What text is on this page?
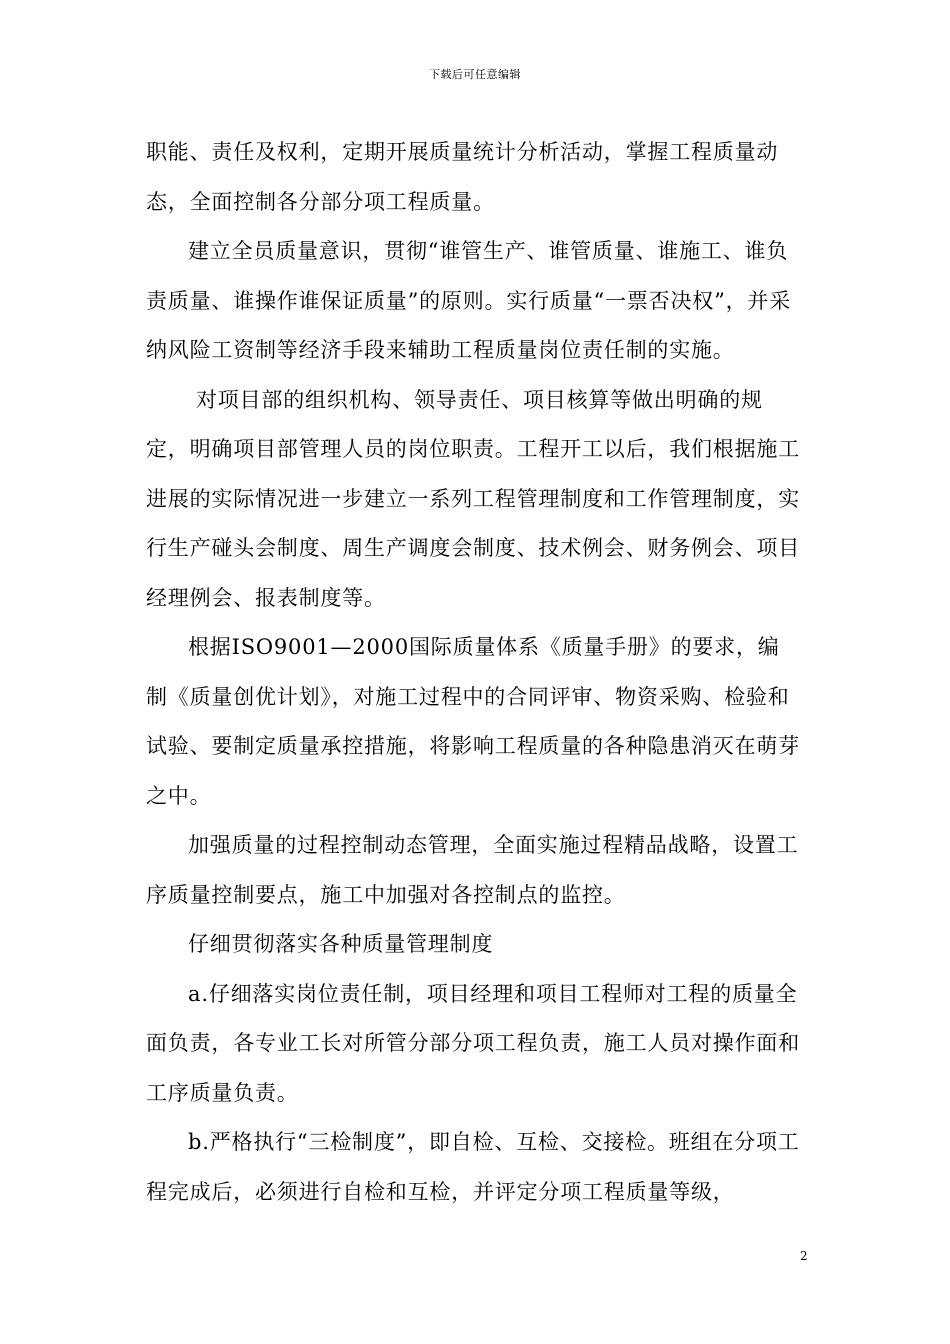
下载后可任意编辑

职能、责任及权利，定期开展质量统计分析活动，掌握工程质量动态，全面控制各分部分项工程质量。

建立全员质量意识，贯彻“谁管生产、谁管质量、谁施工、谁负责质量、谁操作谁保证质量”的原则。实行质量“一票否决权”，并采纳风险工资制等经济手段来辅助工程质量岗位责任制的实施。

对项目部的组织机构、领导责任、项目核算等做出明确的规定，明确项目部管理人员的岗位职责。工程开工以后，我们根据施工进展的实际情况进一步建立一系列工程管理制度和工作管理制度，实行生产碰头会制度、周生产调度会制度、技术例会、财务例会、项目经理例会、报表制度等。

根据ISO9001—2000国际质量体系《质量手册》的要求，编制《质量创优计划》，对施工过程中的合同评审、物资采购、检验和试验、要制定质量承控措施，将影响工程质量的各种隐患消灭在萌芽之中。

加强质量的过程控制动态管理，全面实施过程精品战略，设置工序质量控制要点，施工中加强对各控制点的监控。

仔细贯彻落实各种质量管理制度

a.仔细落实岗位责任制，项目经理和项目工程师对工程的质量全面负责，各专业工长对所管分部分项工程负责，施工人员对操作面和工序质量负责。

b.严格执行“三检制度”，即自检、互检、交接检。班组在分项工程完成后，必须进行自检和互检，并评定分项工程质量等级，

2
